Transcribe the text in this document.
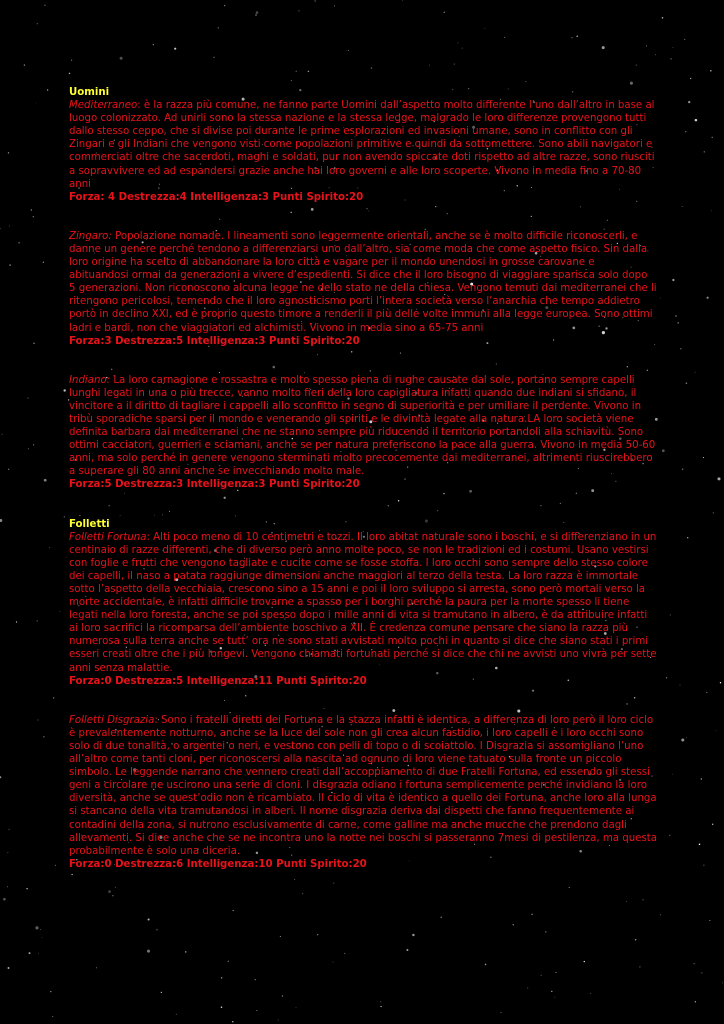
Uomini

Mediterraneo: è la razza più comune, ne fanno parte Uomini dall’aspetto molto differente l’uno dall’altro in base al luogo colonizzato. Ad unirli sono la stessa nazione e la stessa legge, malgrado le loro differenze provengono tutti dallo stesso ceppo, che si divise poi durante le prime esplorazioni ed invasioni umane, sono in conflitto con gli Zingari e gli Indiani che vengono visti come popolazioni primitive e quindi da sottomettere. Sono abili navigatori e commerciati oltre che sacerdoti, maghi e soldati, pur non avendo spiccate doti rispetto ad altre razze, sono riusciti a sopravvivere ed ad espandersi grazie anche hai loro governi e alle loro scoperte. Vivono in media fino a 70-80 anni
Forza: 4 Destrezza:4 Intelligenza:3 Punti Spirito:20

Zingaro: Popolazione nomade. I lineamenti sono leggermente orientali, anche se è molto difficile riconoscerli, e danne un genere perché tendono a differenziarsi uno dall’altro, sia come moda che come aspetto fisico. Sin dalla loro origine ha scelto di abbandonare la loro città e vagare per il mondo unendosi in grosse carovane e abituandosi ormai da generazioni a vivere d’espedienti. Si dice che il loro bisogno di viaggiare sparisca solo dopo 5 generazioni. Non riconoscono alcuna legge ne dello stato ne della chiesa. Vengono temuti dai mediterranei che li ritengono pericolosi, temendo che il loro agnosticismo porti l’intera società verso l’anarchia che tempo addietro portò in declino XXI, ed è proprio questo timore a renderli il più delle volte immuni alla legge europea. Sono ottimi ladri e bardi, non che viaggiatori ed alchimisti. Vivono in media sino a 65-75 anni
Forza:3 Destrezza:5 Intelligenza:3 Punti Spirito:20

Indiano: La loro carnagione e rossastra e molto spesso piena di rughe causate dal sole, portano sempre capelli lunghi legati in una o più trecce, vanno molto fieri della loro capigliatura infatti quando due indiani si sfidano, il vincitore a il diritto di tagliare i cappelli allo sconfitto in segno di superiorità e per umiliare il perdente. Vivono in tribù sporadiche sparsi per il mondo e venerando gli spiriti e le divinità legate alla natura.LA loro società viene definita barbara dai mediterranei che ne stanno sempre più riducendo il territorio portandoli alla schiavitù. Sono ottimi cacciatori, guerrieri e sciamani, anche se per natura preferiscono la pace alla guerra. Vivono in media 50-60 anni, ma solo perché in genere vengono sterminati molto precocemente dai mediterranei, altrimenti riuscirebbero a superare gli 80 anni anche se invecchiando molto male.
Forza:5 Destrezza:3 Intelligenza:3 Punti Spirito:20

Folletti

Folletti Fortuna: Alti poco meno di 10 centimetri e tozzi. Il loro abitat naturale sono i boschi, e si differenziano in un centinaio di razze differenti, che di diverso però anno molte poco, se non le tradizioni ed i costumi. Usano vestirsi con foglie e frutti che vengono tagliate e cucite come se fosse stoffa. I loro occhi sono sempre dello stesso colore dei capelli, il naso a patata raggiunge dimensioni anche maggiori al terzo della testa. La loro razza è immortale sotto l’aspetto della vecchiaia, crescono sino a 15 anni e poi il loro sviluppo si arresta, sono però mortali verso la morte accidentale, è infatti difficile trovarne a spasso per i borghi perché la paura per la morte spesso li tiene legati nella loro foresta, anche se poi spesso dopo i mille anni di vita si tramutano in albero, è da attribuire infatti ai loro sacrifici la ricomparsa dell’ambiente boschivo a XII. È credenza comune pensare che siano la razza più numerosa sulla terra anche se tutt’ ora ne sono stati avvistati molto pochi in quanto si dice che siano stati i primi esseri creati oltre che i più longevi. Vengono chiamati fortunati perché si dice che chi ne avvisti uno vivrà per sette anni senza malattie.
Forza:0 Destrezza:5 Intelligenza:11 Punti Spirito:20

Folletti Disgrazia: Sono i fratelli diretti dei Fortuna e la stazza infatti è identica, a differenza di loro però il loro ciclo è prevalentemente notturno, anche se la luce del sole non gli crea alcun fastidio, i loro capelli e i loro occhi sono solo di due tonalità, o argentei o neri, e vestono con pelli di topo o di scoiattolo. I Disgrazia si assomigliano l’uno all’altro come tanti cloni, per riconoscersi alla nascita ad ognuno di loro viene tatuato sulla fronte un piccolo simbolo. Le leggende narrano che vennero creati dall’accoppiamento di due Fratelli Fortuna, ed essendo gli stessi geni a circolare ne uscirono una serie di cloni. I disgrazia odiano i fortuna semplicemente perché invidiano la loro diversità, anche se quest’odio non è ricambiato. Il ciclo di vita è identico a quello dei Fortuna, anche loro alla lunga si stancano della vita tramutandosi in alberi. Il nome disgrazia deriva dai dispetti che fanno frequentemente ai contadini della zona, si nutrono esclusivamente di carne, come galline ma anche mucche che prendono dagli allevamenti. Si dice anche che se ne incontra uno la notte nei boschi si passeranno 7mesi di pestilenza, ma questa probabilmente è solo una diceria.
Forza:0 Destrezza:6 Intelligenza:10 Punti Spirito:20
